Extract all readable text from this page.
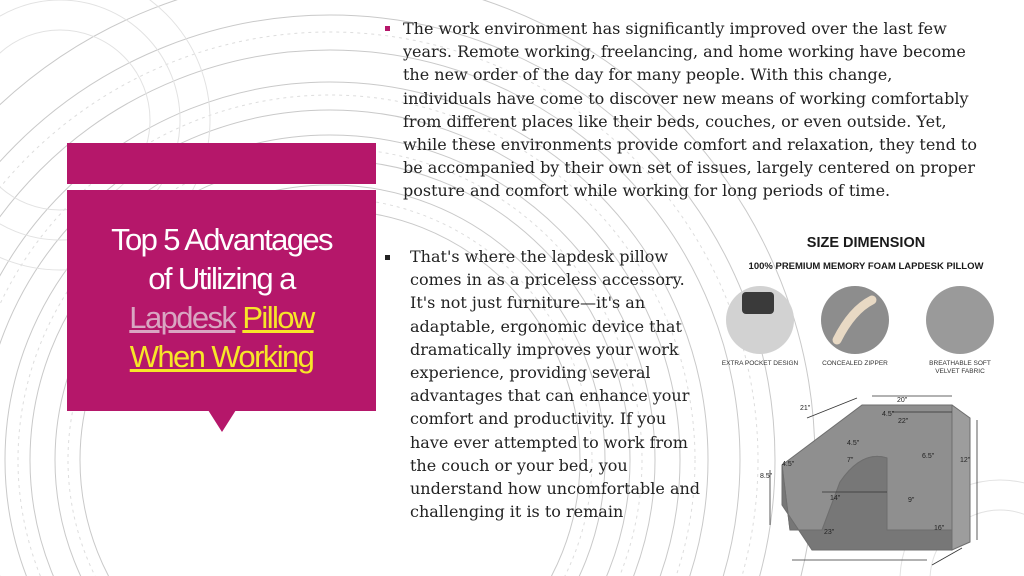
Top 5 Advantages
of Utilizing a
Lapdesk Pillow
When Working

The work environment has significantly improved over the last few years. Remote working, freelancing, and home working have become the new order of the day for many people. With this change, individuals have come to discover new means of working comfortably from different places like their beds, couches, or even outside. Yet, while these environments provide comfort and relaxation, they tend to be accompanied by their own set of issues, largely centered on proper posture and comfort while working for long periods of time.

That's where the lapdesk pillow comes in as a priceless accessory. It's not just furniture—it's an adaptable, ergonomic device that dramatically improves your work experience, providing several advantages that can enhance your comfort and productivity. If you have ever attempted to work from the couch or your bed, you understand how uncomfortable and challenging it is to remain

SIZE DIMENSION

100% PREMIUM MEMORY FOAM LAPDESK PILLOW

20"
21"
4.5"
22"
4.5"
7"
6.5"
12"
8.5"
4.5"
14"	9"
23"
16"

EXTRA POCKET DESIGN	CONCEALED ZIPPER	BREATHABLE SOFT VELVET FABRIC
